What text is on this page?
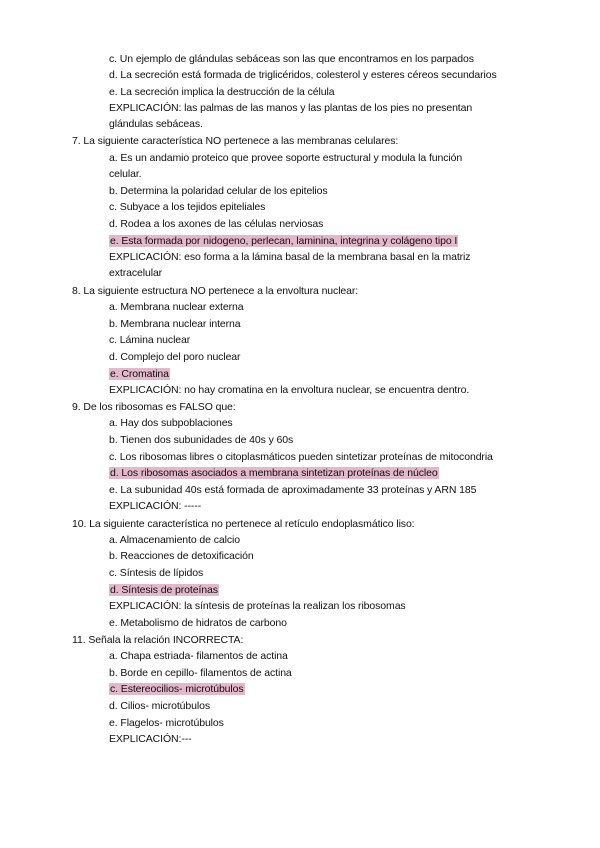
c. Un ejemplo de glándulas sebáceas son las que encontramos en los parpados
d. La secreción está formada de triglicéridos, colesterol y esteres céreos secundarios
e. La secreción implica la destrucción de la célula
EXPLICACIÓN: las palmas de las manos y las plantas de los pies no presentan
glándulas sebáceas.
7. La siguiente característica NO pertenece a las membranas celulares:
a. Es un andamio proteico que provee soporte estructural y modula la función
celular.
b. Determina la polaridad celular de los epitelios
c. Subyace a los tejidos epiteliales
d. Rodea a los axones de las células nerviosas
e. Esta formada por nidogeno, perlecan, laminina, integrina y colágeno tipo I
EXPLICACIÓN: eso forma a la lámina basal de la membrana basal en la matriz
extracelular
8. La siguiente estructura NO pertenece a la envoltura nuclear:
a. Membrana nuclear externa
b. Membrana nuclear interna
c. Lámina nuclear
d. Complejo del poro nuclear
e. Cromatina
EXPLICACIÓN: no hay cromatina en la envoltura nuclear, se encuentra dentro.
9. De los ribosomas es FALSO que:
a. Hay dos subpoblaciones
b. Tienen dos subunidades de 40s y 60s
c. Los ribosomas libres o citoplasmáticos pueden sintetizar proteínas de mitocondria
d. Los ribosomas asociados a membrana sintetizan proteínas de núcleo
e. La subunidad 40s está formada de aproximadamente 33 proteínas y ARN 185
EXPLICACIÓN: -----
10. La siguiente característica no pertenece al retículo endoplasmático liso:
a. Almacenamiento de calcio
b. Reacciones de detoxificación
c. Síntesis de lípidos
d. Síntesis de proteínas
EXPLICACIÓN: la síntesis de proteínas la realizan los ribosomas
e. Metabolismo de hidratos de carbono
11. Señala la relación INCORRECTA:
a. Chapa estriada- filamentos de actina
b. Borde en cepillo- filamentos de actina
c. Estereocilios- microtúbulos
d. Cilios- microtúbulos
e. Flagelos- microtúbulos
EXPLICACIÓN:---
